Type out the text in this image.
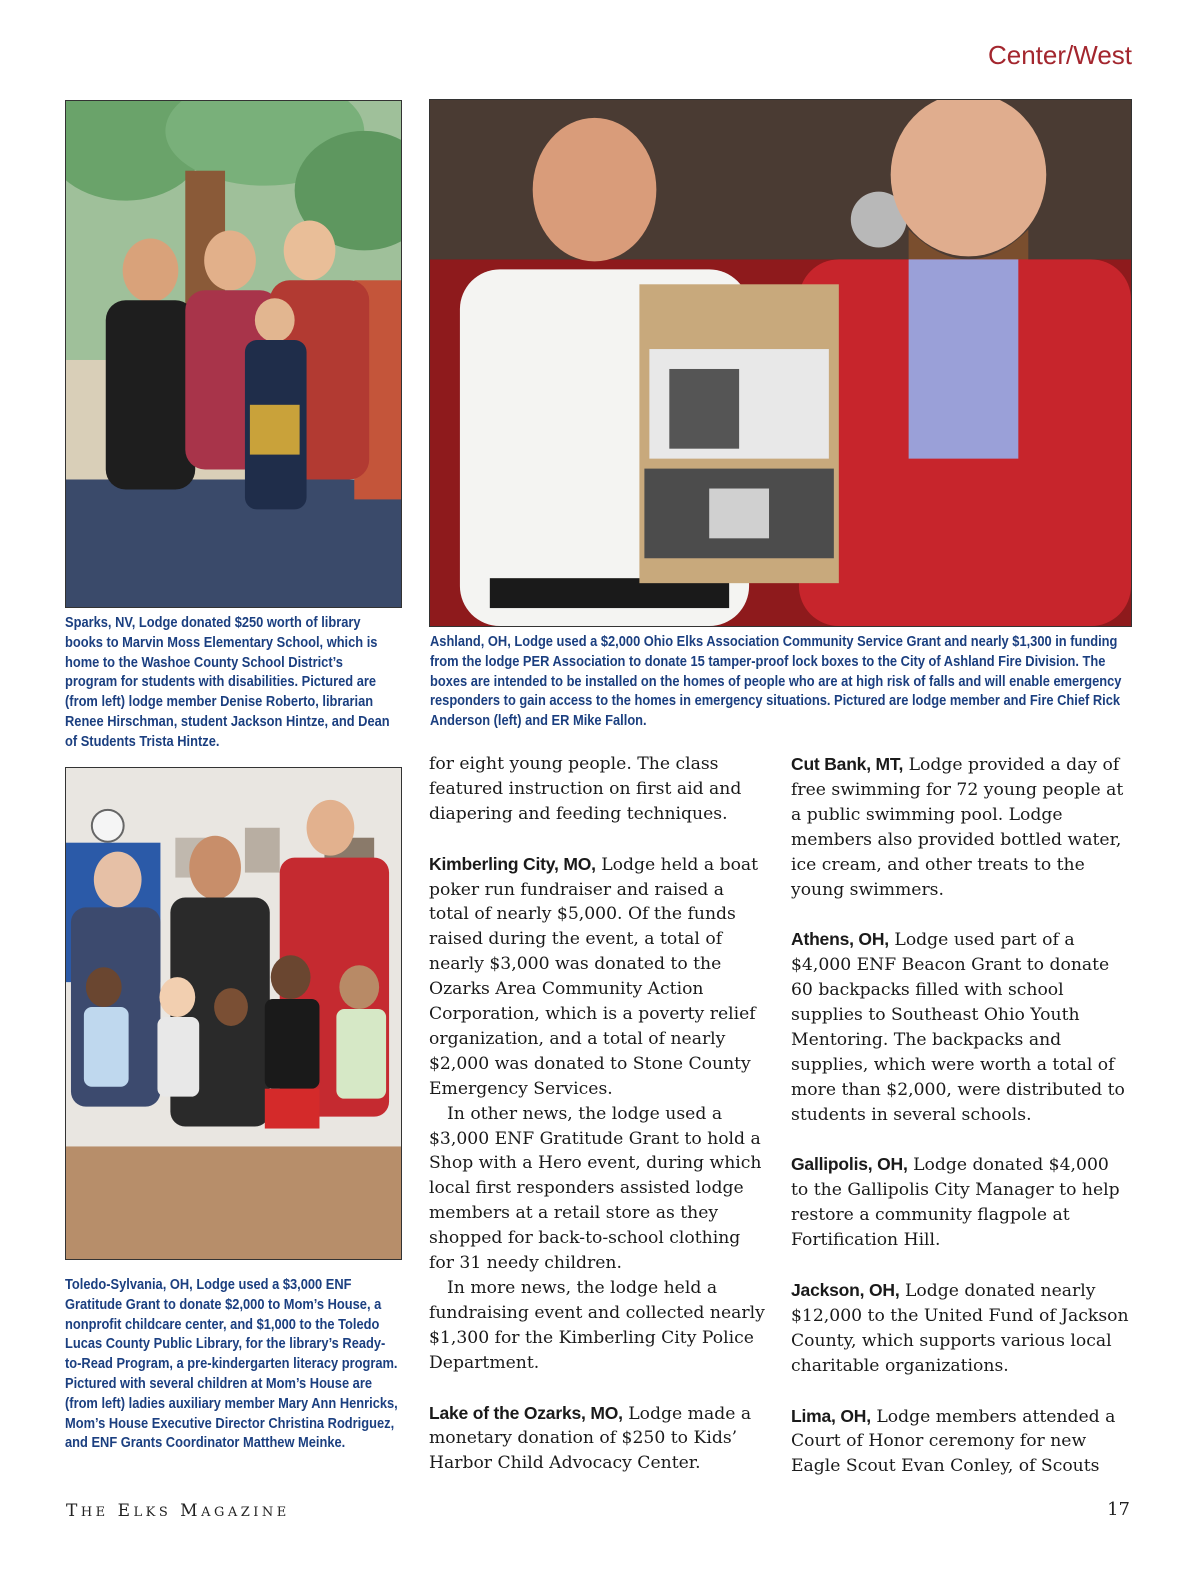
Center/West
Sparks, NV, Lodge donated $250 worth of library books to Marvin Moss Elementary School, which is home to the Washoe County School District’s program for students with disabilities. Pictured are (from left) lodge member Denise Roberto, librarian Renee Hirschman, student Jackson Hintze, and Dean of Students Trista Hintze.
Ashland, OH, Lodge used a $2,000 Ohio Elks Association Community Service Grant and nearly $1,300 in funding from the lodge PER Association to donate 15 tamper-proof lock boxes to the City of Ashland Fire Division. The boxes are intended to be installed on the homes of people who are at high risk of falls and will enable emergency responders to gain access to the homes in emergency situations. Pictured are lodge member and Fire Chief Rick Anderson (left) and ER Mike Fallon.
Toledo-Sylvania, OH, Lodge used a $3,000 ENF Gratitude Grant to donate $2,000 to Mom’s House, a nonprofit childcare center, and $1,000 to the Toledo Lucas County Public Library, for the library’s Ready-to-Read Program, a pre-kindergarten literacy program. Pictured with several children at Mom’s House are (from left) ladies auxiliary member Mary Ann Henricks, Mom’s House Executive Director Christina Rodriguez, and ENF Grants Coordinator Matthew Meinke.

for eight young people. The class featured instruction on first aid and diapering and feeding techniques.

Kimberling City, MO, Lodge held a boat poker run fundraiser and raised a total of nearly $5,000. Of the funds raised during the event, a total of nearly $3,000 was donated to the Ozarks Area Community Action Corporation, which is a poverty relief organization, and a total of nearly $2,000 was donated to Stone County Emergency Services.

In other news, the lodge used a $3,000 ENF Gratitude Grant to hold a Shop with a Hero event, during which local first responders assisted lodge members at a retail store as they shopped for back-to-school clothing for 31 needy children.

In more news, the lodge held a fundraising event and collected nearly $1,300 for the Kimberling City Police Department.

Lake of the Ozarks, MO, Lodge made a monetary donation of $250 to Kids’ Harbor Child Advocacy Center.

Cut Bank, MT, Lodge provided a day of free swimming for 72 young people at a public swimming pool. Lodge members also provided bottled water, ice cream, and other treats to the young swimmers.

Athens, OH, Lodge used part of a $4,000 ENF Beacon Grant to donate 60 backpacks filled with school supplies to Southeast Ohio Youth Mentoring. The backpacks and supplies, which were worth a total of more than $2,000, were distributed to students in several schools.

Gallipolis, OH, Lodge donated $4,000 to the Gallipolis City Manager to help restore a community flagpole at Fortification Hill.

Jackson, OH, Lodge donated nearly $12,000 to the United Fund of Jackson County, which supports various local charitable organizations.

Lima, OH, Lodge members attended a Court of Honor ceremony for new Eagle Scout Evan Conley, of Scouts

THE ELKS MAGAZINE	17
